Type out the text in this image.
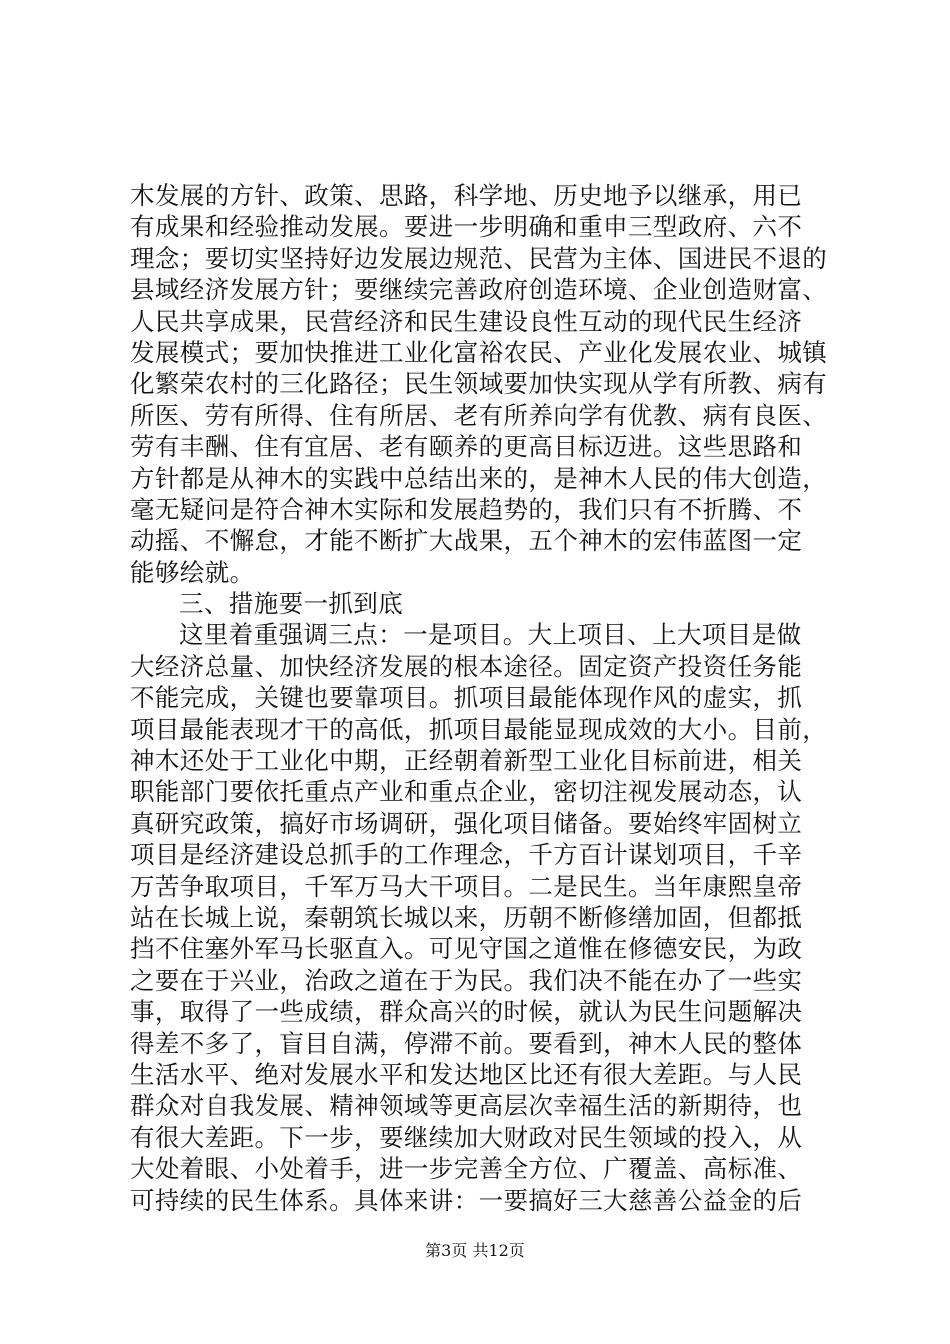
木发展的方针、政策、思路，科学地、历史地予以继承，用已
有成果和经验推动发展。要进一步明确和重申三型政府、六不
理念；要切实坚持好边发展边规范、民营为主体、国进民不退的
县域经济发展方针；要继续完善政府创造环境、企业创造财富、
人民共享成果，民营经济和民生建设良性互动的现代民生经济
发展模式；要加快推进工业化富裕农民、产业化发展农业、城镇
化繁荣农村的三化路径；民生领域要加快实现从学有所教、病有
所医、劳有所得、住有所居、老有所养向学有优教、病有良医、
劳有丰酬、住有宜居、老有颐养的更高目标迈进。这些思路和
方针都是从神木的实践中总结出来的，是神木人民的伟大创造，
毫无疑问是符合神木实际和发展趋势的，我们只有不折腾、不
动摇、不懈怠，才能不断扩大战果，五个神木的宏伟蓝图一定
能够绘就。
三、措施要一抓到底
这里着重强调三点：一是项目。大上项目、上大项目是做
大经济总量、加快经济发展的根本途径。固定资产投资任务能
不能完成，关键也要靠项目。抓项目最能体现作风的虚实，抓
项目最能表现才干的高低，抓项目最能显现成效的大小。目前，
神木还处于工业化中期，正经朝着新型工业化目标前进，相关
职能部门要依托重点产业和重点企业，密切注视发展动态，认
真研究政策，搞好市场调研，强化项目储备。要始终牢固树立
项目是经济建设总抓手的工作理念，千方百计谋划项目，千辛
万苦争取项目，千军万马大干项目。二是民生。当年康熙皇帝
站在长城上说，秦朝筑长城以来，历朝不断修缮加固，但都抵
挡不住塞外军马长驱直入。可见守国之道惟在修德安民，为政
之要在于兴业，治政之道在于为民。我们决不能在办了一些实
事，取得了一些成绩，群众高兴的时候，就认为民生问题解决
得差不多了，盲目自满，停滞不前。要看到，神木人民的整体
生活水平、绝对发展水平和发达地区比还有很大差距。与人民
群众对自我发展、精神领域等更高层次幸福生活的新期待，也
有很大差距。下一步，要继续加大财政对民生领域的投入，从
大处着眼、小处着手，进一步完善全方位、广覆盖、高标准、
可持续的民生体系。具体来讲：一要搞好三大慈善公益金的后
第3页 共12页
